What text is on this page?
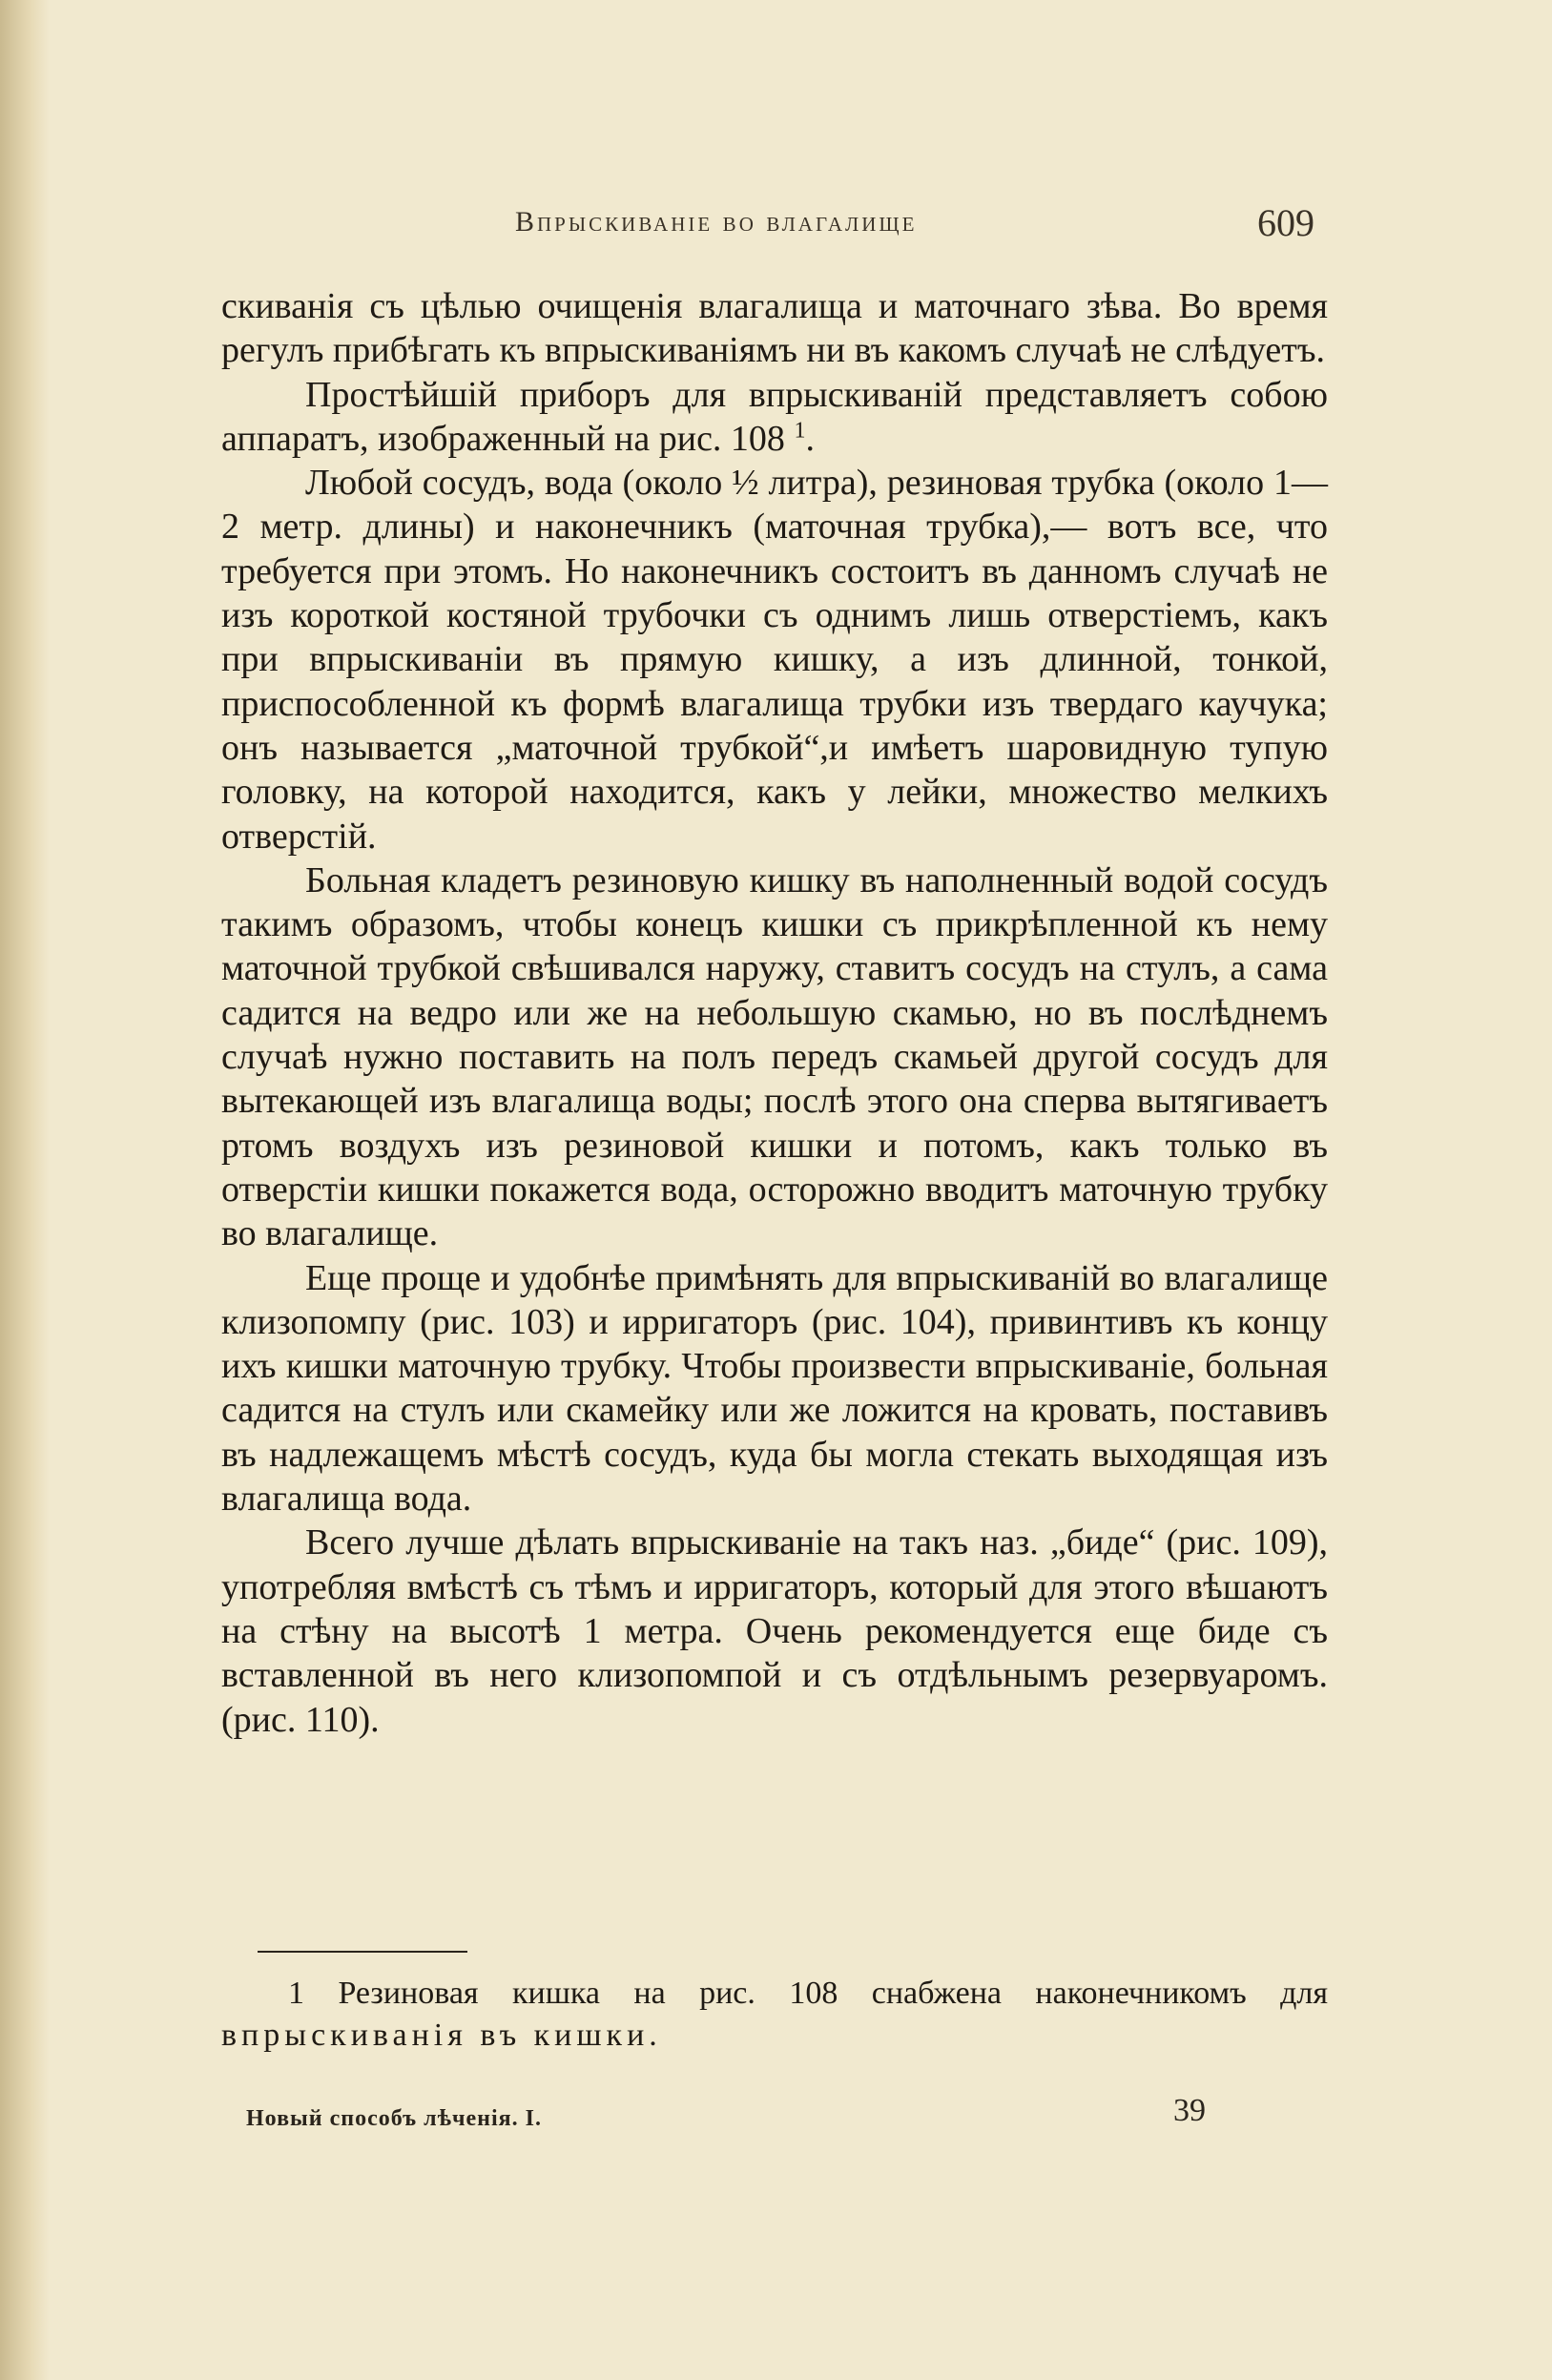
Впрыскиваніе во влагалище	609

скиванія съ цѣлью очищенія влагалища и маточнаго зѣва. Во время регулъ прибѣгать къ впрыскиваніямъ ни въ какомъ случаѣ не слѣдуетъ.

Простѣйшій приборъ для впрыскиваній представляетъ собою аппаратъ, изображенный на рис. 108 $^1$.

Любой сосудъ, вода (около ½ литра), резиновая трубка (около 1—2 метр. длины) и наконечникъ (маточная трубка),— вотъ все, что требуется при этомъ. Но наконечникъ состоитъ въ данномъ случаѣ не изъ короткой костяной трубочки съ однимъ лишь отверстіемъ, какъ при впрыскиваніи въ прямую кишку, а изъ длинной, тонкой, приспособленной къ формѣ влагалища трубки изъ твердаго каучука; онъ называется „маточной трубкой“,и имѣетъ шаровидную тупую головку, на которой находится, какъ у лейки, множество мелкихъ отверстій.

Больная кладетъ резиновую кишку въ наполненный водой сосудъ такимъ образомъ, чтобы конецъ кишки съ прикрѣпленной къ нему маточной трубкой свѣшивался наружу, ставитъ сосудъ на стулъ, а сама садится на ведро или же на небольшую скамью, но въ послѣднемъ случаѣ нужно поставить на полъ передъ скамьей другой сосудъ для вытекающей изъ влагалища воды; послѣ этого она сперва вытягиваетъ ртомъ воздухъ изъ резиновой кишки и потомъ, какъ только въ отверстіи кишки покажется вода, осторожно вводитъ маточную трубку во влагалище.

Еще проще и удобнѣе примѣнять для впрыскиваній во влагалище клизопомпу (рис. 103) и ирригаторъ (рис. 104), привинтивъ къ концу ихъ кишки маточную трубку. Чтобы произвести впрыскиваніе, больная садится на стулъ или скамейку или же ложится на кровать, поставивъ въ надлежащемъ мѣстѣ сосудъ, куда бы могла стекать выходящая изъ влагалища вода.

Всего лучше дѣлать впрыскиваніе на такъ наз. „биде“ (рис. 109), употребляя вмѣстѣ съ тѣмъ и ирригаторъ, который для этого вѣшаютъ на стѣну на высотѣ 1 метра. Очень рекомендуется еще биде съ вставленной въ него клизопомпой и съ отдѣльнымъ резервуаромъ. (рис. 110).

1 Резиновая кишка на рис. 108 снабжена наконечникомъ для впрыскиванія въ кишки.

Новый способъ лѣченія. I.	39
